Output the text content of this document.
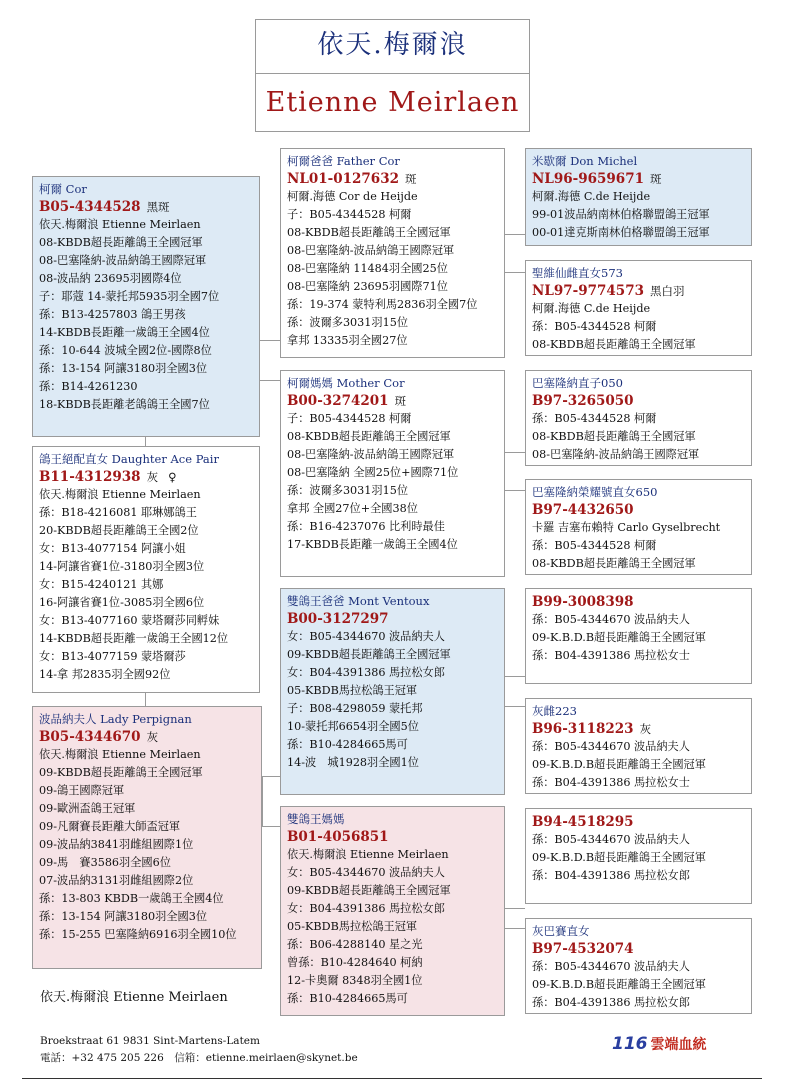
依天.梅爾浪
Etienne Meirlaen
柯爾 Cor
B05-4344528 黑斑
依天.梅爾浪 Etienne Meirlaen
08-KBDB超長距離鴿王全國冠軍
08-巴塞隆納-波品納鴿王國際冠軍
08-波品納 23695羽國際4位
子：耶蔻 14-蒙托邦5935羽全國7位
孫：B13-4257803 鴿王男孩
14-KBDB長距離一歲鴿王全國4位
孫：10-644 波城全國2位-國際8位
孫：13-154 阿讓3180羽全國3位
孫：B14-4261230
18-KBDB長距離老鴿鴿王全國7位
鴿王絕配直女 Daughter Ace Pair
B11-4312938 灰 ♀
依天.梅爾浪 Etienne Meirlaen
孫：B18-4216081 耶琳娜鴿王
20-KBDB超長距離鴿王全國2位
女：B13-4077154 阿讓小姐
14-阿讓省賽1位-3180羽全國3位
女：B15-4240121 其娜
16-阿讓省賽1位-3085羽全國6位
女：B13-4077160 蒙塔爾莎同孵妹
14-KBDB超長距離一歲鴿王全國12位
女：B13-4077159 蒙塔爾莎
14-拿 邦2835羽全國92位
波品納夫人 Lady Perpignan
B05-4344670 灰
依天.梅爾浪 Etienne Meirlaen
09-KBDB超長距離鴿王全國冠軍
09-鴿王國際冠軍
09-歐洲盃鴿王冠軍
09-凡爾賽長距離大師盃冠軍
09-波品納3841羽雌組國際1位
09-馬　賽3586羽全國6位
07-波品納3131羽雌組國際2位
孫：13-803 KBDB一歲鴿王全國4位
孫：13-154 阿讓3180羽全國3位
孫：15-255 巴塞隆納6916羽全國10位
柯爾爸爸 Father Cor
NL01-0127632 斑
柯爾.海德 Cor de Heijde
子：B05-4344528 柯爾
08-KBDB超長距離鴿王全國冠軍
08-巴塞隆納-波品納鴿王國際冠軍
08-巴塞隆納 11484羽全國25位
08-巴塞隆納 23695羽國際71位
孫：19-374 蒙特利馬2836羽全國7位
孫：波爾多3031羽15位
拿邦 13335羽全國27位
柯爾媽媽 Mother Cor
B00-3274201 斑
子：B05-4344528 柯爾
08-KBDB超長距離鴿王全國冠軍
08-巴塞隆納-波品納鴿王國際冠軍
08-巴塞隆納 全國25位+國際71位
孫：波爾多3031羽15位
拿邦 全國27位+全國38位
孫：B16-4237076 比利時最佳
17-KBDB長距離一歲鴿王全國4位
雙鴿王爸爸 Mont Ventoux
B00-3127297
女：B05-4344670 波品納夫人
09-KBDB超長距離鴿王全國冠軍
女：B04-4391386 馬拉松女郎
05-KBDB馬拉松鴿王冠軍
子：B08-4298059 蒙托邦
10-蒙托邦6654羽全國5位
孫：B10-4284665馬可
14-波　城1928羽全國1位
雙鴿王媽媽
B01-4056851
依天.梅爾浪 Etienne Meirlaen
女：B05-4344670 波品納夫人
09-KBDB超長距離鴿王全國冠軍
女：B04-4391386 馬拉松女郎
05-KBDB馬拉松鴿王冠軍
孫：B06-4288140 星之光
曾孫：B10-4284640 柯納
12-卡奧爾 8348羽全國1位
孫：B10-4284665馬可
米歇爾 Don Michel
NL96-9659671 斑
柯爾.海德 C.de Heijde
99-01波品納南林伯格聯盟鴿王冠軍
00-01達克斯南林伯格聯盟鴿王冠軍
聖維仙雌直女573
NL97-9774573 黑白羽
柯爾.海德 C.de Heijde
孫：B05-4344528 柯爾
08-KBDB超長距離鴿王全國冠軍
巴塞隆納直子050
B97-3265050
孫：B05-4344528 柯爾
08-KBDB超長距離鴿王全國冠軍
08-巴塞隆納-波品納鴿王國際冠軍
巴塞隆納榮耀號直女650
B97-4432650
卡羅 吉塞布賴特 Carlo Gyselbrecht
孫：B05-4344528 柯爾
08-KBDB超長距離鴿王全國冠軍
B99-3008398
孫：B05-4344670 波品納夫人
09-K.B.D.B超長距離鴿王全國冠軍
孫：B04-4391386 馬拉松女士
灰雌223
B96-3118223 灰
孫：B05-4344670 波品納夫人
09-K.B.D.B超長距離鴿王全國冠軍
孫：B04-4391386 馬拉松女士
B94-4518295
孫：B05-4344670 波品納夫人
09-K.B.D.B超長距離鴿王全國冠軍
孫：B04-4391386 馬拉松女郎
灰巴賽直女
B97-4532074
孫：B05-4344670 波品納夫人
09-K.B.D.B超長距離鴿王全國冠軍
孫：B04-4391386 馬拉松女郎
依天.梅爾浪 Etienne Meirlaen
Broekstraat 61 9831 Sint-Martens-Latem
電話：+32 475 205 226　信箱：etienne.meirlaen@skynet.be
116 雲端血統
